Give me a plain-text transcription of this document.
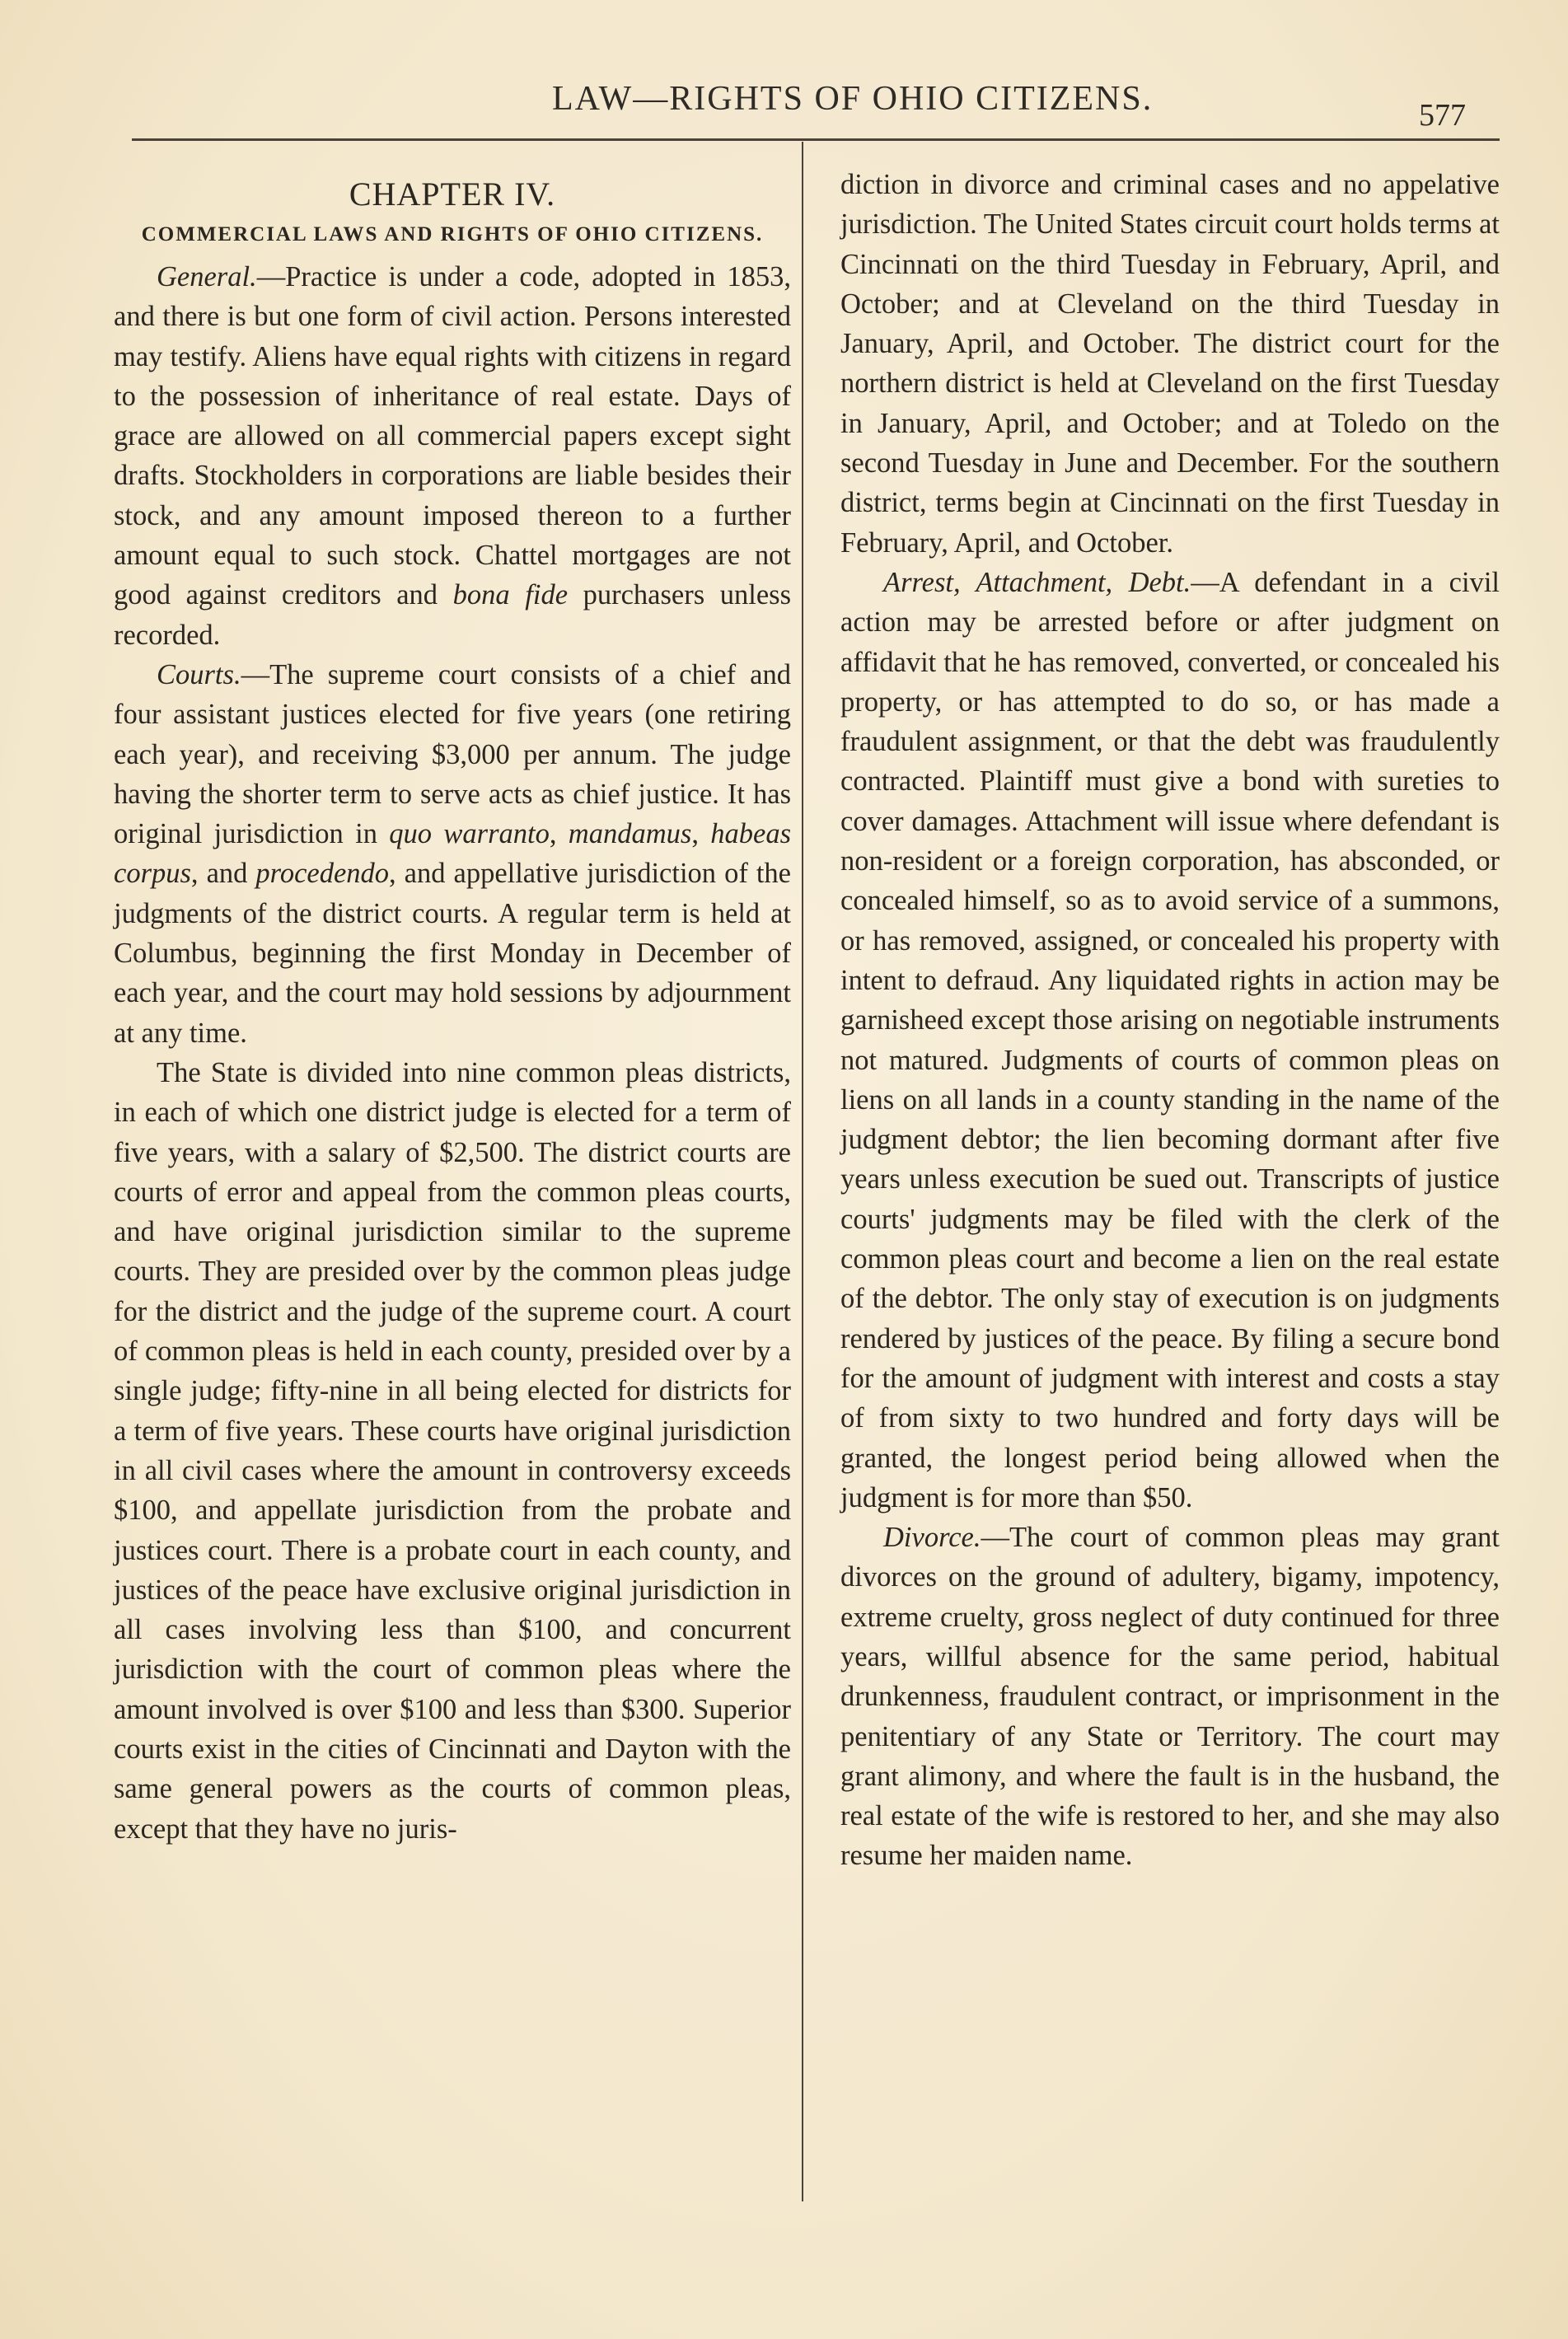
LAW—RIGHTS OF OHIO CITIZENS.	577
CHAPTER IV.
COMMERCIAL LAWS AND RIGHTS OF OHIO CITIZENS.

General.—Practice is under a code, adopted in 1853, and there is but one form of civil action. Persons interested may testify. Aliens have equal rights with citizens in regard to the possession of inheritance of real estate. Days of grace are allowed on all commercial papers except sight drafts. Stockholders in corporations are liable besides their stock, and any amount imposed thereon to a further amount equal to such stock. Chattel mortgages are not good against creditors and bona fide purchasers unless recorded.

Courts.—The supreme court consists of a chief and four assistant justices elected for five years (one retiring each year), and receiving $3,000 per annum. The judge having the shorter term to serve acts as chief justice. It has original jurisdiction in quo warranto, mandamus, habeas corpus, and procedendo, and appellative jurisdiction of the judgments of the district courts. A regular term is held at Columbus, beginning the first Monday in December of each year, and the court may hold sessions by adjournment at any time.

The State is divided into nine common pleas districts, in each of which one district judge is elected for a term of five years, with a salary of $2,500. The district courts are courts of error and appeal from the common pleas courts, and have original jurisdiction similar to the supreme courts. They are presided over by the common pleas judge for the district and the judge of the supreme court. A court of common pleas is held in each county, presided over by a single judge; fifty-nine in all being elected for districts for a term of five years. These courts have original jurisdiction in all civil cases where the amount in controversy exceeds $100, and appellate jurisdiction from the probate and justices court. There is a probate court in each county, and justices of the peace have exclusive original jurisdiction in all cases involving less than $100, and concurrent jurisdiction with the court of common pleas where the amount involved is over $100 and less than $300. Superior courts exist in the cities of Cincinnati and Dayton with the same general powers as the courts of common pleas, except that they have no juris-

diction in divorce and criminal cases and no appelative jurisdiction. The United States circuit court holds terms at Cincinnati on the third Tuesday in February, April, and October; and at Cleveland on the third Tuesday in January, April, and October. The district court for the northern district is held at Cleveland on the first Tuesday in January, April, and October; and at Toledo on the second Tuesday in June and December. For the southern district, terms begin at Cincinnati on the first Tuesday in February, April, and October.

Arrest, Attachment, Debt.—A defendant in a civil action may be arrested before or after judgment on affidavit that he has removed, converted, or concealed his property, or has attempted to do so, or has made a fraudulent assignment, or that the debt was fraudulently contracted. Plaintiff must give a bond with sureties to cover damages. Attachment will issue where defendant is non-resident or a foreign corporation, has absconded, or concealed himself, so as to avoid service of a summons, or has removed, assigned, or concealed his property with intent to defraud. Any liquidated rights in action may be garnisheed except those arising on negotiable instruments not matured. Judgments of courts of common pleas on liens on all lands in a county standing in the name of the judgment debtor; the lien becoming dormant after five years unless execution be sued out. Transcripts of justice courts' judgments may be filed with the clerk of the common pleas court and become a lien on the real estate of the debtor. The only stay of execution is on judgments rendered by justices of the peace. By filing a secure bond for the amount of judgment with interest and costs a stay of from sixty to two hundred and forty days will be granted, the longest period being allowed when the judgment is for more than $50.

Divorce.—The court of common pleas may grant divorces on the ground of adultery, bigamy, impotency, extreme cruelty, gross neglect of duty continued for three years, willful absence for the same period, habitual drunkenness, fraudulent contract, or imprisonment in the penitentiary of any State or Territory. The court may grant alimony, and where the fault is in the husband, the real estate of the wife is restored to her, and she may also resume her maiden name.
